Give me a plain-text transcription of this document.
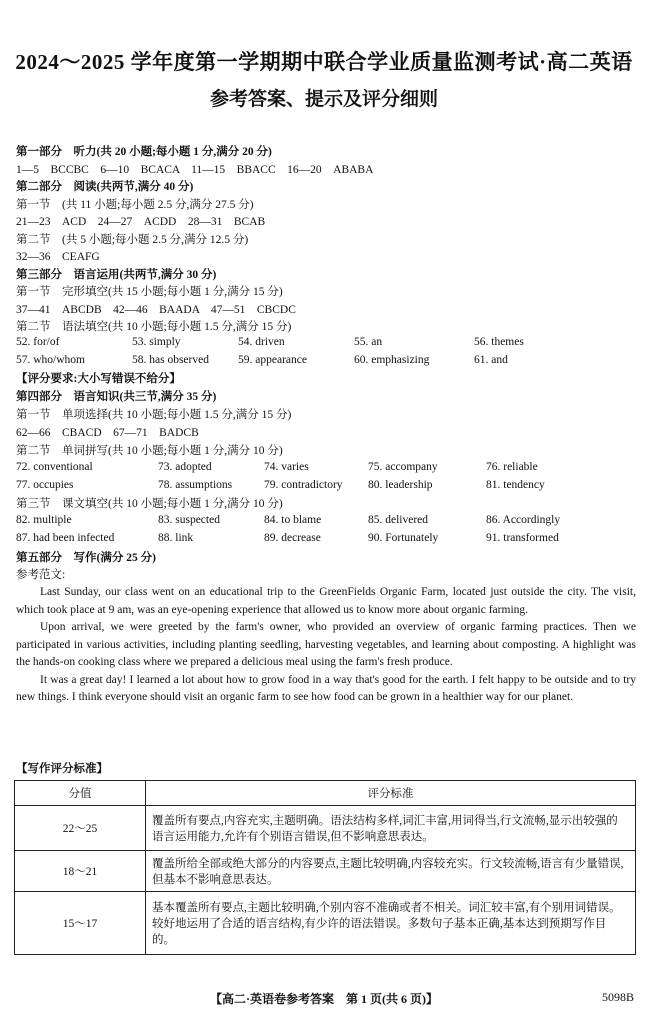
2024～2025 学年度第一学期期中联合学业质量监测考试·高二英语
参考答案、提示及评分细则
第一部分　听力(共 20 小题;每小题 1 分,满分 20 分)
1—5　BCCBC　6—10　BCACA　11—15　BBACC　16—20　ABABA
第二部分　阅读(共两节,满分 40 分)
第一节　(共 11 小题;每小题 2.5 分,满分 27.5 分)
21—23　ACD　24—27　ACDD　28—31　BCAB
第二节　(共 5 小题;每小题 2.5 分,满分 12.5 分)
32—36　CEAFG
第三部分　语言运用(共两节,满分 30 分)
第一节　完形填空(共 15 小题;每小题 1 分,满分 15 分)
37—41　ABCDB　42—46　BAADA　47—51　CBCDC
第二节　语法填空(共 10 小题;每小题 1.5 分,满分 15 分)
52. for/of	53. simply	54. driven	55. an	56. themes
57. who/whom	58. has observed	59. appearance	60. emphasizing	61. and
【评分要求:大小写错误不给分】
第四部分　语言知识(共三节,满分 35 分)
第一节　单项选择(共 10 小题;每小题 1.5 分,满分 15 分)
62—66　CBACD　67—71　BADCB
第二节　单词拼写(共 10 小题;每小题 1 分,满分 10 分)
72. conventional	73. adopted	74. varies	75. accompany	76. reliable
77. occupies	78. assumptions	79. contradictory 80. leadership	81. tendency
第三节　课文填空(共 10 小题;每小题 1 分,满分 10 分)
82. multiple	83. suspected	84. to blame	85. delivered	86. Accordingly
87. had been infected	88. link	89. decrease	90. Fortunately	91. transformed
第五部分　写作(满分 25 分)
参考范文:

Last Sunday, our class went on an educational trip to the GreenFields Organic Farm, located just outside the city. The visit, which took place at 9 am, was an eye-opening experience that allowed us to know more about organic farming.

Upon arrival, we were greeted by the farm's owner, who provided an overview of organic farming practices. Then we participated in various activities, including planting seedling, harvesting vegetables, and learning about composting. A highlight was the hands-on cooking class where we prepared a delicious meal using the farm's fresh produce.

It was a great day! I learned a lot about how to grow food in a way that's good for the earth. I felt happy to be outside and to try new things. I think everyone should visit an organic farm to see how food can be grown in a healthier way for our planet.

【写作评分标准】
分值	评分标准
22～25	覆盖所有要点,内容充实,主题明确。语法结构多样,词汇丰富,用词得当,行文流畅,显示出较强的语言运用能力,允许有个别语言错误,但不影响意思表达。
18～21	覆盖所给全部或绝大部分的内容要点,主题比较明确,内容较充实。行文较流畅,语言有少量错误,但基本不影响意思表达。
15～17	基本覆盖所有要点,主题比较明确,个别内容不准确或者不相关。词汇较丰富,有个别用词错误。较好地运用了合适的语言结构,有少许的语法错误。多数句子基本正确,基本达到预期写作目的。
【高二·英语卷参考答案　第 1 页(共 6 页)】	5098B
